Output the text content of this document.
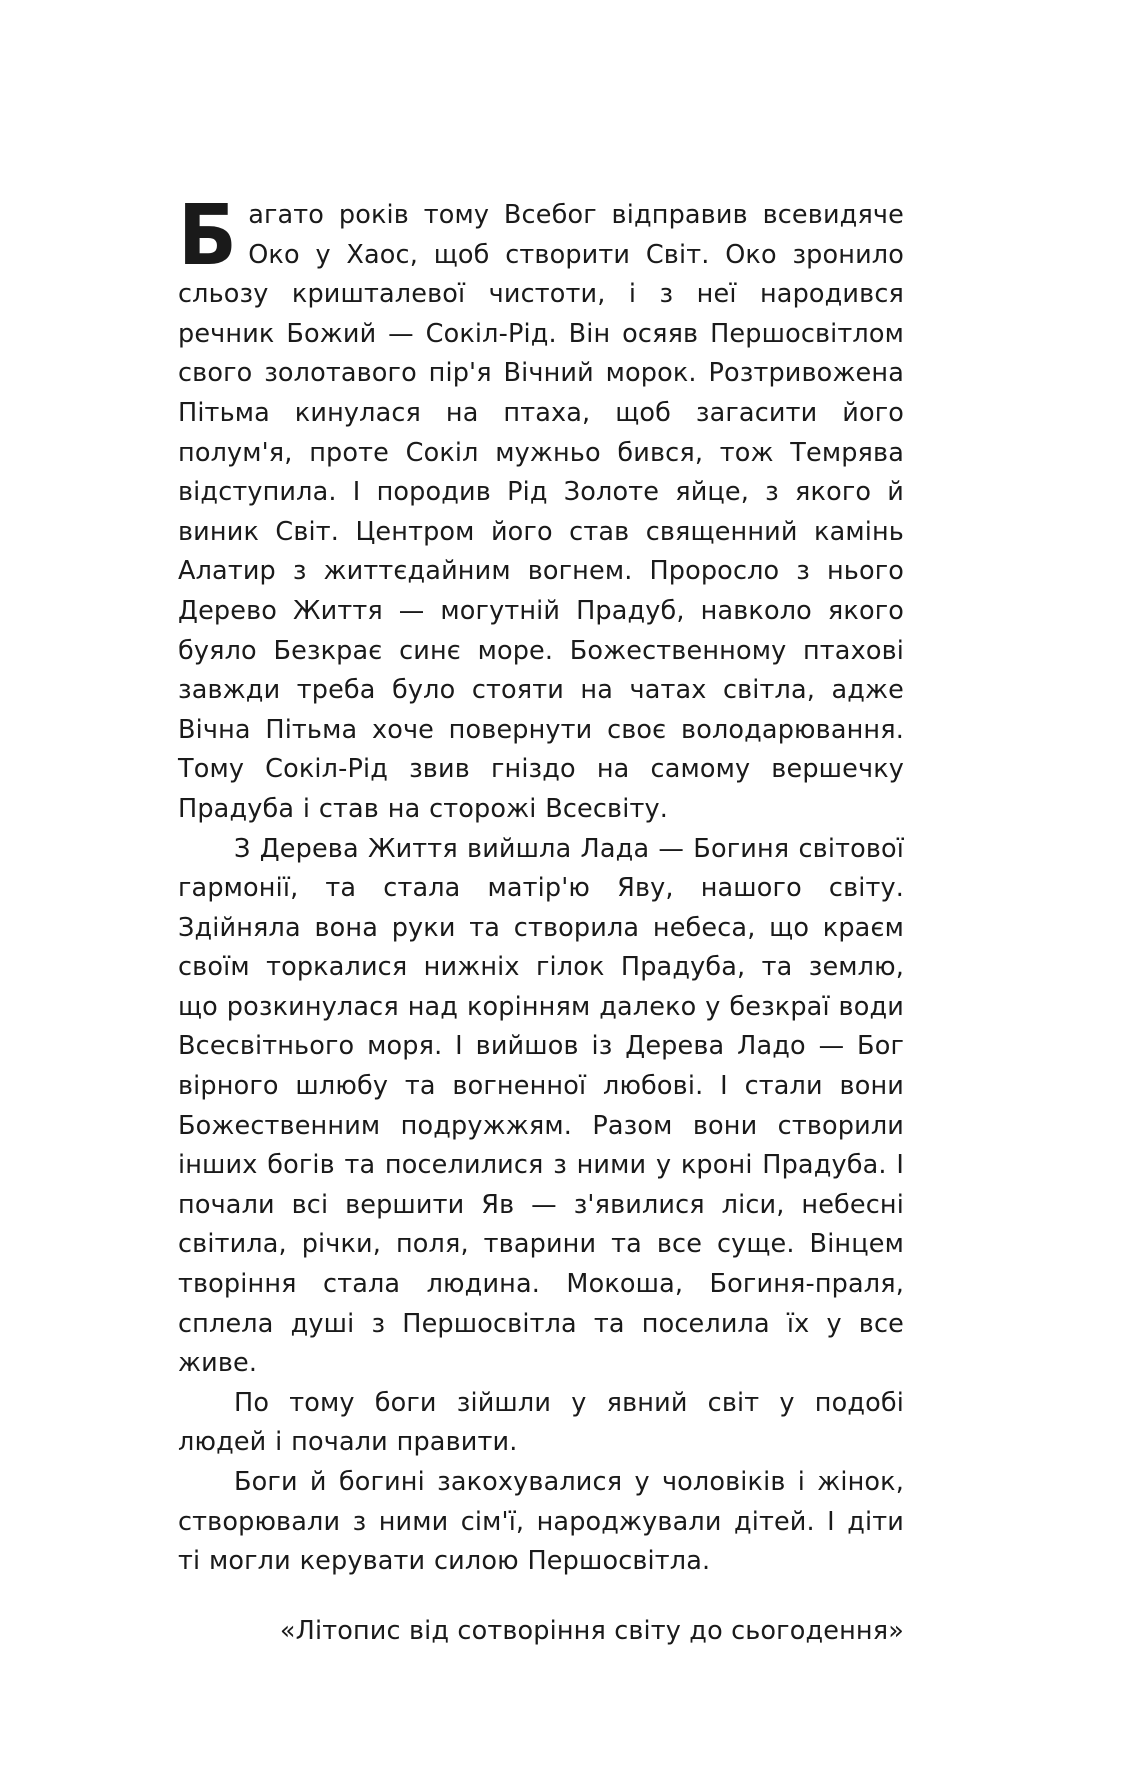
Багато років тому Всебог відправив всевидяче Око у Хаос, щоб створити Світ. Око зронило сльозу кришталевої чистоти, і з неї народився речник Божий — Сокіл-Рід. Він осяяв Першосвітлом свого золотавого пір'я Вічний морок. Розтривожена Пітьма кинулася на птаха, щоб загасити його полум'я, проте Сокіл мужньо бився, тож Темрява відступила. І породив Рід Золоте яйце, з якого й виник Світ. Центром його став священний камінь Алатир з життєдайним вогнем. Проросло з нього Дерево Життя — могутній Прадуб, навколо якого буяло Безкрає синє море. Божественному птахові завжди треба було стояти на чатах світла, адже Вічна Пітьма хоче повернути своє володарювання. Тому Сокіл-Рід звив гніздо на самому вершечку Прадуба і став на сторожі Всесвіту.

З Дерева Життя вийшла Лада — Богиня світової гармонії, та стала матір'ю Яву, нашого світу. Здійняла вона руки та створила небеса, що краєм своїм торкалися нижніх гілок Прадуба, та землю, що розкинулася над корінням далеко у безкраї води Всесвітнього моря. І вийшов із Дерева Ладо — Бог вірного шлюбу та вогненної любові. І стали вони Божественним подружжям. Разом вони створили інших богів та поселилися з ними у кроні Прадуба. І почали всі вершити Яв — з'явилися ліси, небесні світила, річки, поля, тварини та все суще. Вінцем творіння стала людина. Мокоша, Богиня-праля, сплела душі з Першосвітла та поселила їх у все живе.

По тому боги зійшли у явний світ у подобі людей і почали правити.

Боги й богині закохувалися у чоловіків і жінок, створювали з ними сім'ї, народжували дітей. І діти ті могли керувати силою Першосвітла.

«Літопис від сотворіння світу до сьогодення»
